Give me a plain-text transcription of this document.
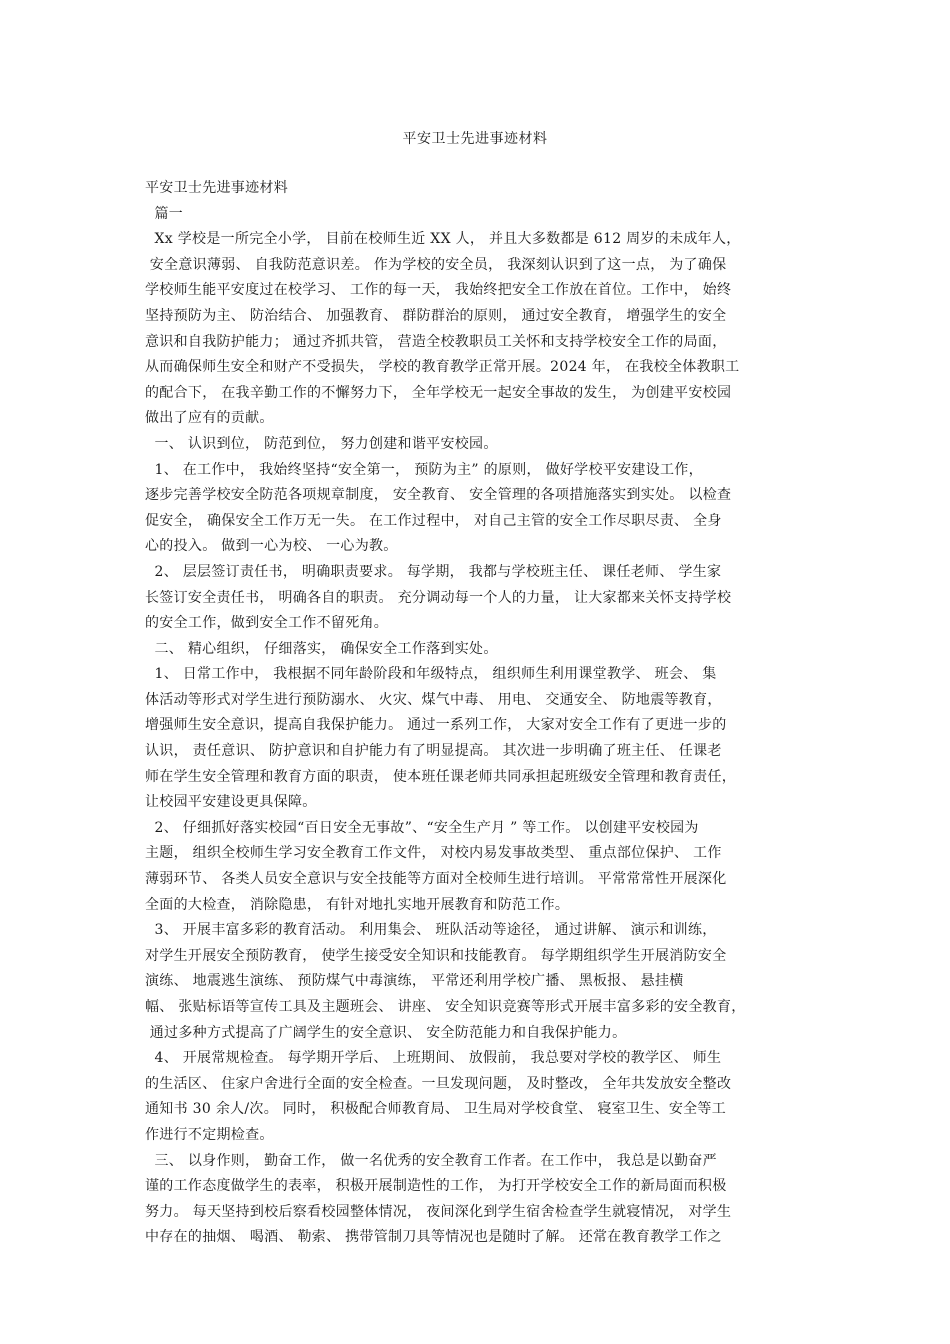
平安卫士先进事迹材料
平安卫士先进事迹材料
篇一
Xx 学校是一所完全小学， 目前在校师生近 XX 人， 并且大多数都是 612 周岁的未成年人，
安全意识薄弱、 自我防范意识差。 作为学校的安全员， 我深刻认识到了这一点， 为了确保
学校师生能平安度过在校学习、 工作的每一天， 我始终把安全工作放在首位。工作中， 始终
坚持预防为主、 防治结合、 加强教育、 群防群治的原则， 通过安全教育， 增强学生的安全
意识和自我防护能力； 通过齐抓共管， 营造全校教职员工关怀和支持学校安全工作的局面，
从而确保师生安全和财产不受损失， 学校的教育教学正常开展。2024 年， 在我校全体教职工
的配合下， 在我辛勤工作的不懈努力下， 全年学校无一起安全事故的发生， 为创建平安校园
做出了应有的贡献。
一、 认识到位， 防范到位， 努力创建和谐平安校园。
1、 在工作中， 我始终坚持“安全第一， 预防为主” 的原则， 做好学校平安建设工作，
逐步完善学校安全防范各项规章制度， 安全教育、 安全管理的各项措施落实到实处。 以检查
促安全， 确保安全工作万无一失。 在工作过程中， 对自己主管的安全工作尽职尽责、 全身
心的投入。 做到一心为校、 一心为教。
2、 层层签订责任书， 明确职责要求。 每学期， 我都与学校班主任、 课任老师、 学生家
长签订安全责任书， 明确各自的职责。 充分调动每一个人的力量， 让大家都来关怀支持学校
的安全工作，做到安全工作不留死角。
二、 精心组织， 仔细落实， 确保安全工作落到实处。
1、 日常工作中， 我根据不同年龄阶段和年级特点， 组织师生利用课堂教学、 班会、 集
体活动等形式对学生进行预防溺水、 火灾、煤气中毒、 用电、 交通安全、 防地震等教育，
增强师生安全意识，提高自我保护能力。 通过一系列工作， 大家对安全工作有了更进一步的
认识， 责任意识、 防护意识和自护能力有了明显提高。 其次进一步明确了班主任、 任课老
师在学生安全管理和教育方面的职责， 使本班任课老师共同承担起班级安全管理和教育责任，
让校园平安建设更具保障。
2、 仔细抓好落实校园“百日安全无事故”、“安全生产月 ” 等工作。 以创建平安校园为
主题， 组织全校师生学习安全教育工作文件， 对校内易发事故类型、 重点部位保护、 工作
薄弱环节、 各类人员安全意识与安全技能等方面对全校师生进行培训。 平常常常性开展深化
全面的大检查， 消除隐患， 有针对地扎实地开展教育和防范工作。
3、 开展丰富多彩的教育活动。 利用集会、 班队活动等途径， 通过讲解、 演示和训练，
对学生开展安全预防教育， 使学生接受安全知识和技能教育。 每学期组织学生开展消防安全
演练、 地震逃生演练、 预防煤气中毒演练， 平常还利用学校广播、 黑板报、 悬挂横
幅、 张贴标语等宣传工具及主题班会、 讲座、 安全知识竞赛等形式开展丰富多彩的安全教育，
通过多种方式提高了广阔学生的安全意识、 安全防范能力和自我保护能力。
4、 开展常规检查。 每学期开学后、 上班期间、 放假前， 我总要对学校的教学区、 师生
的生活区、 住家户舍进行全面的安全检查。一旦发现问题， 及时整改， 全年共发放安全整改
通知书 30 余人/次。 同时， 积极配合师教育局、 卫生局对学校食堂、 寝室卫生、安全等工
作进行不定期检查。
三、 以身作则， 勤奋工作， 做一名优秀的安全教育工作者。在工作中， 我总是以勤奋严
谨的工作态度做学生的表率， 积极开展制造性的工作， 为打开学校安全工作的新局面而积极
努力。 每天坚持到校后察看校园整体情况， 夜间深化到学生宿舍检查学生就寝情况， 对学生
中存在的抽烟、 喝酒、 勒索、 携带管制刀具等情况也是随时了解。 还常在教育教学工作之
